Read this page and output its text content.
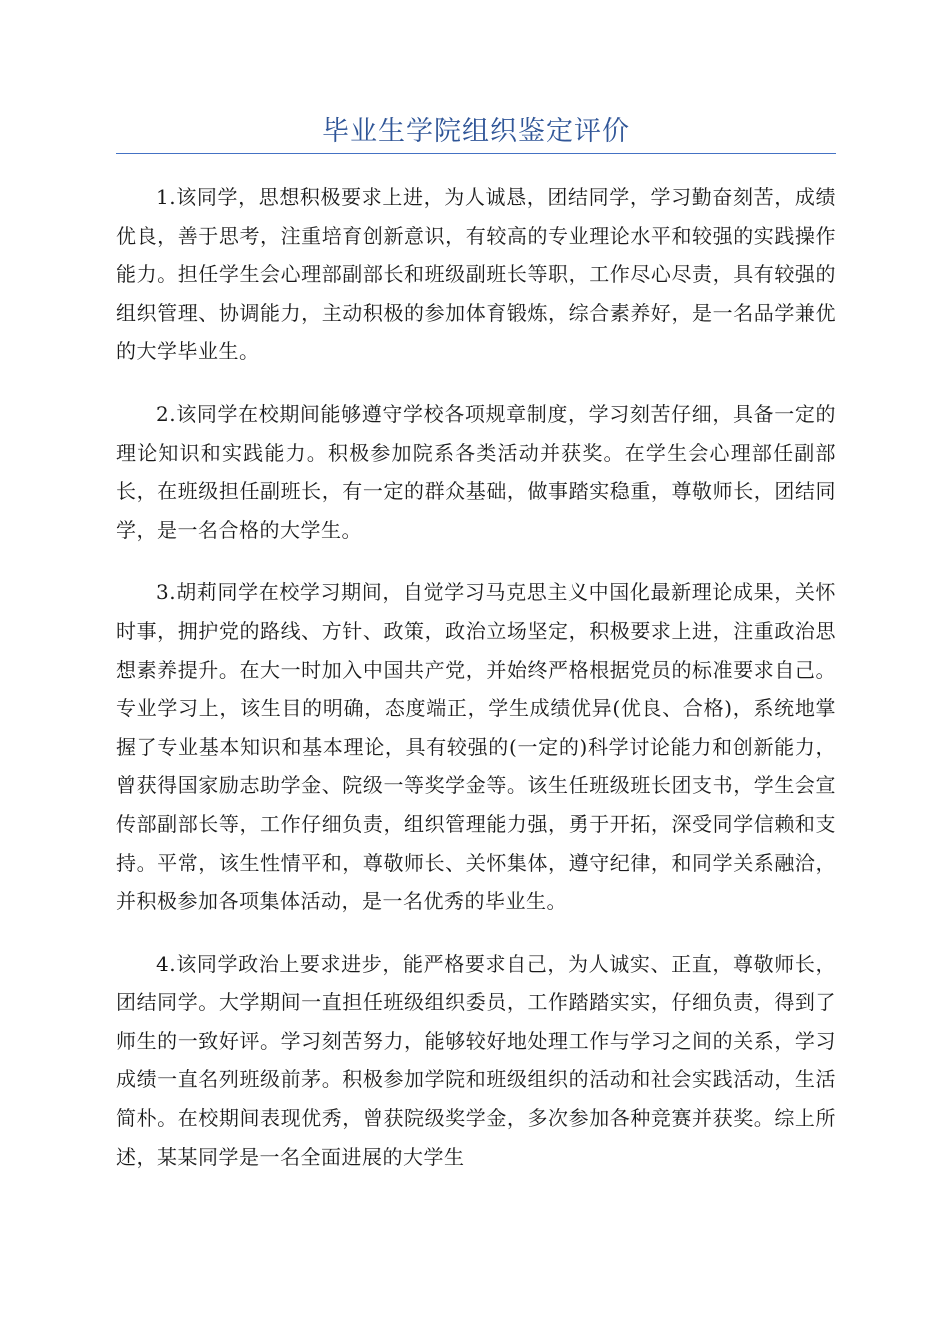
毕业生学院组织鉴定评价

1.该同学，思想积极要求上进，为人诚恳，团结同学，学习勤奋刻苦，成绩优良，善于思考，注重培育创新意识，有较高的专业理论水平和较强的实践操作能力。担任学生会心理部副部长和班级副班长等职，工作尽心尽责，具有较强的组织管理、协调能力，主动积极的参加体育锻炼，综合素养好，是一名品学兼优的大学毕业生。

2.该同学在校期间能够遵守学校各项规章制度，学习刻苦仔细，具备一定的理论知识和实践能力。积极参加院系各类活动并获奖。在学生会心理部任副部长，在班级担任副班长，有一定的群众基础，做事踏实稳重，尊敬师长，团结同学，是一名合格的大学生。

3.胡莉同学在校学习期间，自觉学习马克思主义中国化最新理论成果，关怀时事，拥护党的路线、方针、政策，政治立场坚定，积极要求上进，注重政治思想素养提升。在大一时加入中国共产党，并始终严格根据党员的标准要求自己。专业学习上，该生目的明确，态度端正，学生成绩优异(优良、合格)，系统地掌握了专业基本知识和基本理论，具有较强的(一定的)科学讨论能力和创新能力，曾获得国家励志助学金、院级一等奖学金等。该生任班级班长团支书，学生会宣传部副部长等，工作仔细负责，组织管理能力强，勇于开拓，深受同学信赖和支持。平常，该生性情平和，尊敬师长、关怀集体，遵守纪律，和同学关系融洽，并积极参加各项集体活动，是一名优秀的毕业生。

4.该同学政治上要求进步，能严格要求自己，为人诚实、正直，尊敬师长，团结同学。大学期间一直担任班级组织委员，工作踏踏实实，仔细负责，得到了师生的一致好评。学习刻苦努力，能够较好地处理工作与学习之间的关系，学习成绩一直名列班级前茅。积极参加学院和班级组织的活动和社会实践活动，生活简朴。在校期间表现优秀，曾获院级奖学金，多次参加各种竞赛并获奖。综上所述，某某同学是一名全面进展的大学生
